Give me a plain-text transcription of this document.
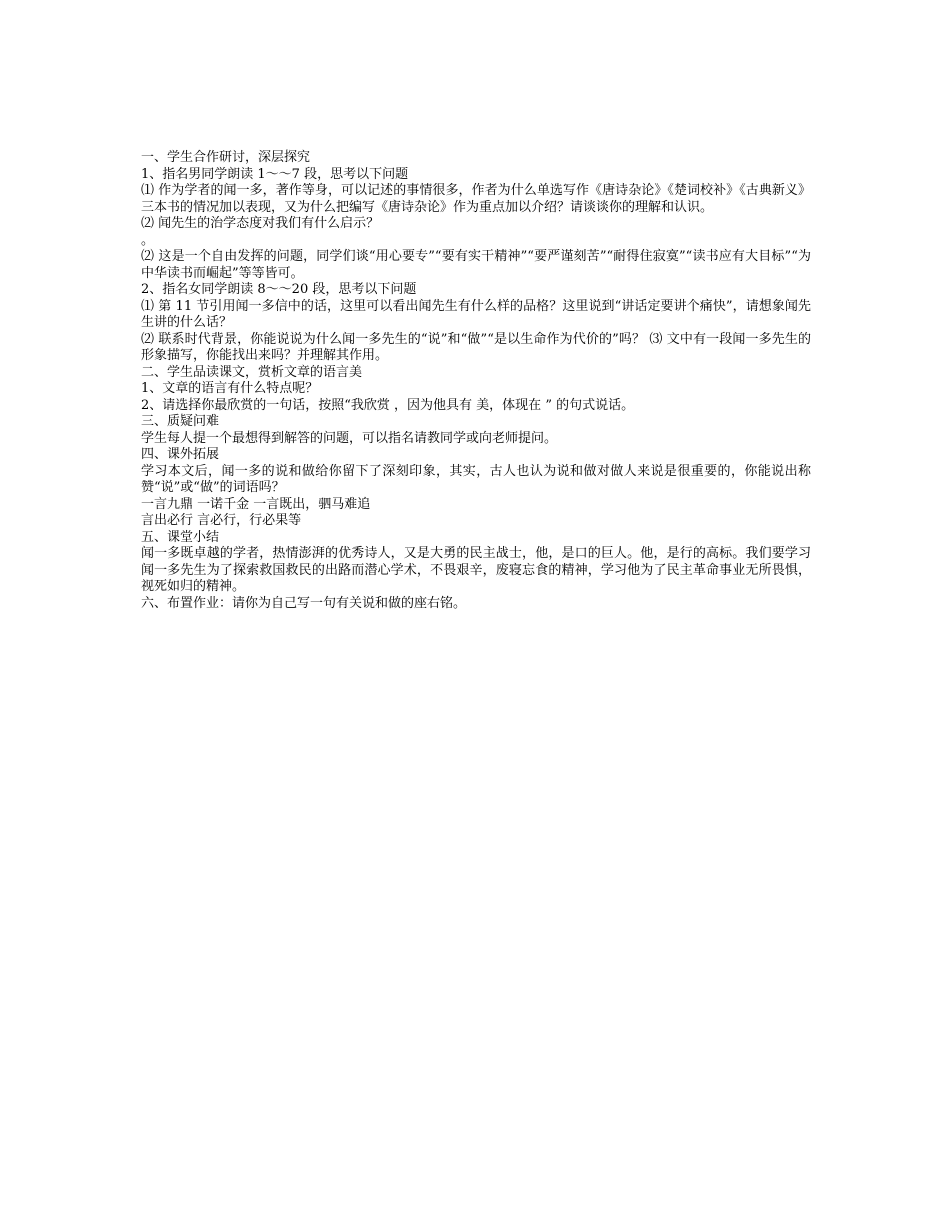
一、学生合作研讨，深层探究

1、指名男同学朗读 1～～7 段，思考以下问题

⑴ 作为学者的闻一多，著作等身，可以记述的事情很多，作者为什么单选写作《唐诗杂论》《楚词校补》《古典新义》三本书的情况加以表现，又为什么把编写《唐诗杂论》作为重点加以介绍？请谈谈你的理解和认识。

⑵ 闻先生的治学态度对我们有什么启示？

。

⑵ 这是一个自由发挥的问题，同学们谈“用心要专”“要有实干精神”“要严谨刻苦”“耐得住寂寞”“读书应有大目标”“为中华读书而崛起”等等皆可。

2、指名女同学朗读 8～～20 段，思考以下问题

⑴ 第 11 节引用闻一多信中的话，这里可以看出闻先生有什么样的品格？这里说到“讲话定要讲个痛快”，请想象闻先生讲的什么话？

⑵ 联系时代背景，你能说说为什么闻一多先生的“说”和“做”“是以生命作为代价的”吗？ ⑶ 文中有一段闻一多先生的形象描写，你能找出来吗？并理解其作用。

二、学生品读课文，赏析文章的语言美

1、文章的语言有什么特点呢？

2、请选择你最欣赏的一句话，按照“我欣赏 ，因为他具有 美，体现在 ” 的句式说话。

三、质疑问难

学生每人提一个最想得到解答的问题，可以指名请教同学或向老师提问。

四、课外拓展

学习本文后，闻一多的说和做给你留下了深刻印象，其实，古人也认为说和做对做人来说是很重要的，你能说出称赞“说”或“做”的词语吗？

一言九鼎 一诺千金 一言既出，驷马难追

言出必行 言必行，行必果等

五、课堂小结

闻一多既卓越的学者，热情澎湃的优秀诗人，又是大勇的民主战士，他，是口的巨人。他，是行的高标。我们要学习闻一多先生为了探索救国救民的出路而潜心学术，不畏艰辛，废寝忘食的精神，学习他为了民主革命事业无所畏惧，视死如归的精神。

六、布置作业：请你为自己写一句有关说和做的座右铭。
